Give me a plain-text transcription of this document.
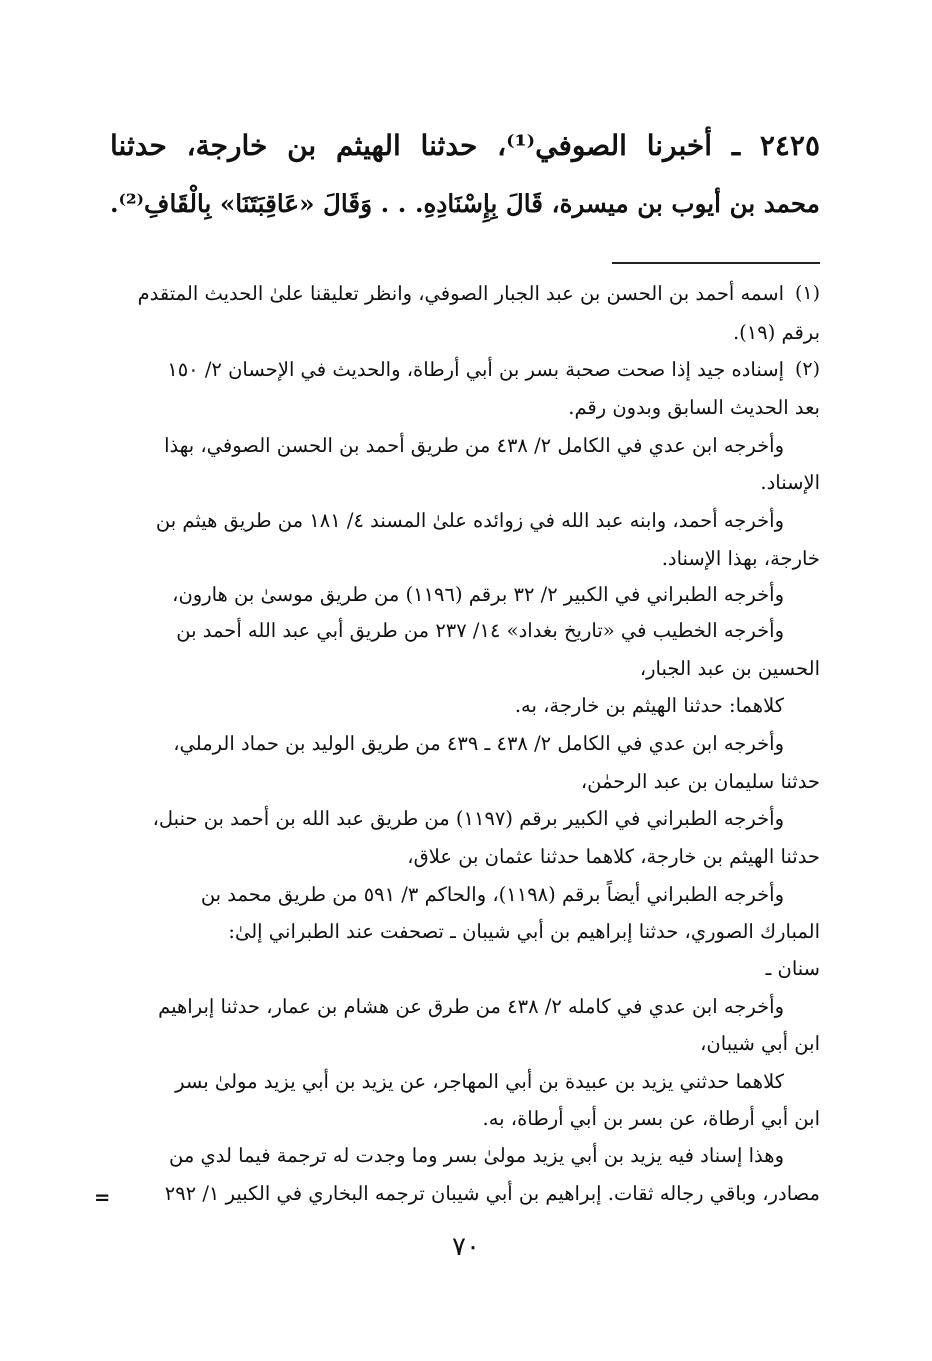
٢٤٢٥ ـ أخبرنا الصوفي⁽¹⁾، حدثنا الهيثم بن خارجة، حدثنا
محمد بن أيوب بن ميسرة، قَالَ بِإِسْنَادِهِ. . . وَقَالَ «عَاقِبَتَنَا» بِالْقَافِ⁽²⁾.
(١)
اسمه أحمد بن الحسن بن عبد الجبار الصوفي، وانظر تعليقنا علىٰ الحديث المتقدم
برقم (١٩).
(٢)
إسناده جيد إذا صحت صحبة بسر بن أبي أرطاة، والحديث في الإحسان ٢/ ١٥٠
بعد الحديث السابق وبدون رقم.
وأخرجه ابن عدي في الكامل ٢/ ٤٣٨ من طريق أحمد بن الحسن الصوفي، بهذا
الإسناد.
وأخرجه أحمد، وابنه عبد الله في زوائده علىٰ المسند ٤/ ١٨١ من طريق هيثم بن
خارجة، بهذا الإسناد.
وأخرجه الطبراني في الكبير ٢/ ٣٢ برقم (١١٩٦) من طريق موسىٰ بن هارون،
وأخرجه الخطيب في «تاريخ بغداد» ١٤/ ٢٣٧ من طريق أبي عبد الله أحمد بن
الحسين بن عبد الجبار،
كلاهما: حدثنا الهيثم بن خارجة، به.
وأخرجه ابن عدي في الكامل ٢/ ٤٣٨ ـ ٤٣٩ من طريق الوليد بن حماد الرملي،
حدثنا سليمان بن عبد الرحمٰن،
وأخرجه الطبراني في الكبير برقم (١١٩٧) من طريق عبد الله بن أحمد بن حنبل،
حدثنا الهيثم بن خارجة، كلاهما حدثنا عثمان بن علاق،
وأخرجه الطبراني أيضاً برقم (١١٩٨)، والحاكم ٣/ ٥٩١ من طريق محمد بن
المبارك الصوري، حدثنا إبراهيم بن أبي شيبان ـ تصحفت عند الطبراني إلىٰ:
سنان ـ
وأخرجه ابن عدي في كامله ٢/ ٤٣٨ من طرق عن هشام بن عمار، حدثنا إبراهيم
ابن أبي شيبان،
كلاهما حدثني يزيد بن عبيدة بن أبي المهاجر، عن يزيد بن أبي يزيد مولىٰ بسر
ابن أبي أرطاة، عن بسر بن أبي أرطاة، به.
وهذا إسناد فيه يزيد بن أبي يزيد مولىٰ بسر وما وجدت له ترجمة فيما لدي من
مصادر، وباقي رجاله ثقات. إبراهيم بن أبي شيبان ترجمه البخاري في الكبير ١/ ٢٩٢
=
٧٠
